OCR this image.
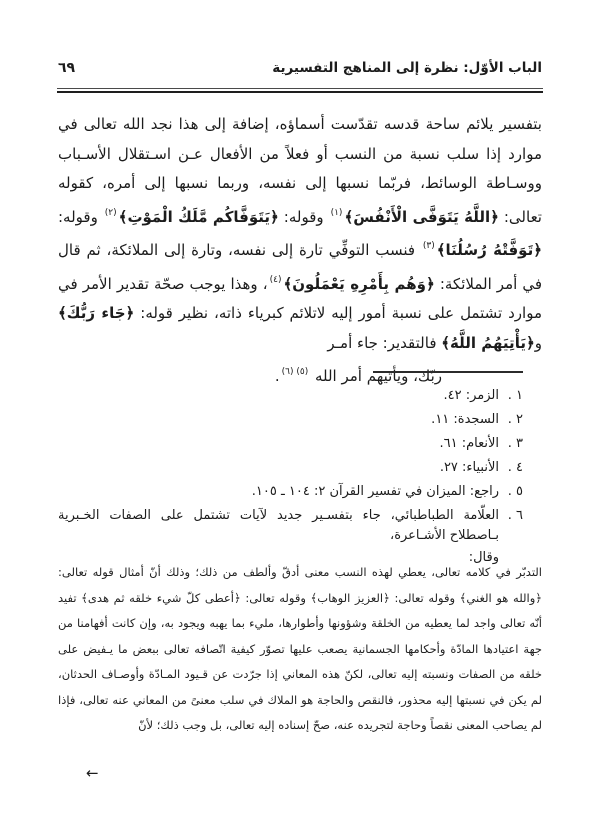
الباب الأوّل: نظرة إلى المناهج التفسيرية
٦٩
بتفسير يلائم ساحة قدسه تقدّست أسماؤه، إضافة إلى هذا نجد الله تعالى في موارد إذا سلب نسبة من النسب أو فعلاً من الأفعال عـن اسـتقلال الأسـباب ووسـاطة الوسائط، فربّما نسبها إلى نفسه، وربما نسبها إلى أمره، كقوله تعالى: ﴿اللَّهُ يَتَوَفَّى الْأَنْفُسَ﴾$^{(١)}$ وقوله: ﴿يَتَوَفَّاكُم مَّلَكُ الْمَوْتِ﴾$^{(٢)}$ وقوله: ﴿تَوَفَّتْهُ رُسُلُنَا﴾$^{(٣)}$ فنسب التوفِّي تارة إلى نفسه، وتارة إلى الملائكة، ثم قال في أمر الملائكة: ﴿وَهُم بِأَمْرِهِ يَعْمَلُونَ﴾$^{(٤)}$، وهذا يوجب صحّة تقدير الأمر في موارد تشتمل على نسبة أمور إليه لاتلائم كبرياء ذاته، نظير قوله: ﴿جَاء رَبُّكَ﴾ و﴿يَأْتِيَهُمُ اللَّهُ﴾ فالتقدير: جاء أمـر
ربّك، ويأتيهم أمر الله $^{(٥) (٦)}$.
١ .
الزمر: ٤٢.
٢ .
السجدة: ١١.
٣ .
الأنعام: ٦١.
٤ .
الأنبياء: ٢٧.
٥ .
راجع: الميزان في تفسير القرآن ٢: ١٠٤ ـ ١٠٥.
٦ .
العلّامة الطباطبائي، جاء بتفسـير جديد لآيات تشتمل على الصفات الخـبرية بـاصطلاح الأشـاعرة،
وقال:
التدبّر في كلامه تعالى، يعطي لهذه النسب معنى أدقّ وألطف من ذلك؛ وذلك أنّ أمثال قوله تعالى: ﴿والله هو الغني﴾ وقوله تعالى: ﴿العزيز الوهاب﴾ وقوله تعالى: ﴿أعطى كلّ شيء خلقه ثم هدى﴾ تفيد أنّه تعالى واجد لما يعطيه من الخلقة وشؤونها وأطوارها، مليء بما يهبه ويجود به، وإن كانت أفهامنا من جهة اعتيادها المادّة وأحكامها الجسمانية يصعب عليها تصوّر كيفية اتّصافه تعالى ببعض ما يـفيض على خلقه من الصفات ونسبته إليه تعالى، لكنّ هذه المعاني إذا جرّدت عن قـيود المـادّة وأوصـاف الحدثان، لم يكن في نسبتها إليه محذور، فالنقص والحاجة هو الملاك في سلب معنىً من المعاني عنه تعالى، فإذا لم يصاحب المعنى نقصاً وحاجة لتجريده عنه، صحّ إسناده إليه تعالى، بل وجب ذلك؛ لأنّ
←
